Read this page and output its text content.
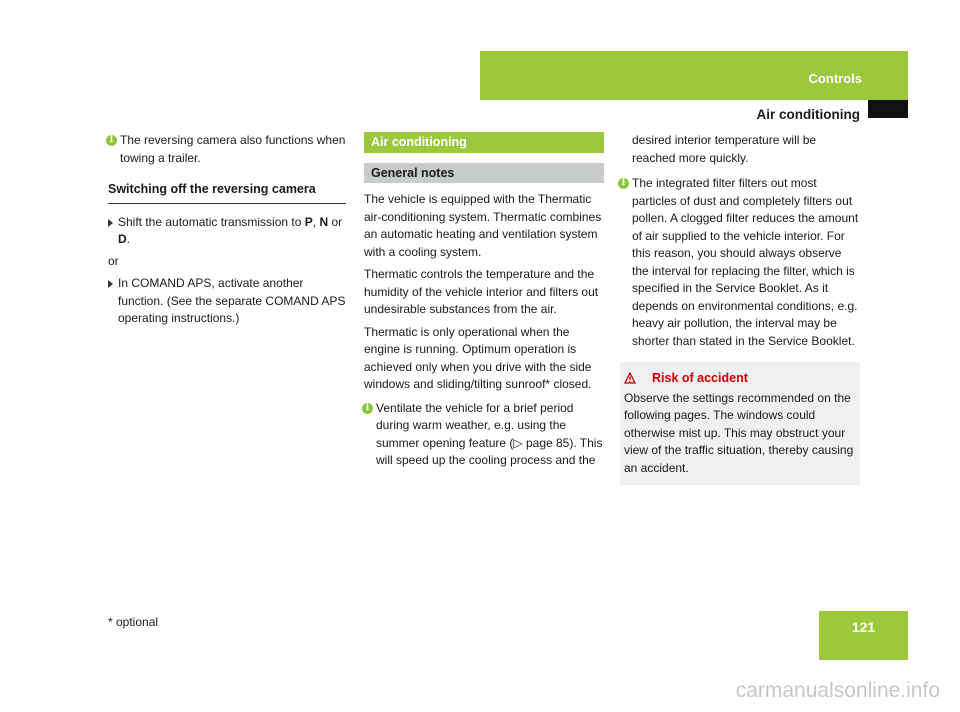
Controls
Air conditioning
i The reversing camera also functions when towing a trailer.
Switching off the reversing camera
Shift the automatic transmission to P, N or D.

or

In COMAND APS, activate another function. (See the separate COMAND APS operating instructions.)
Air conditioning
General notes

The vehicle is equipped with the Thermatic air-conditioning system. Thermatic combines an automatic heating and ventilation system with a cooling system.

Thermatic controls the temperature and the humidity of the vehicle interior and filters out undesirable substances from the air.

Thermatic is only operational when the engine is running. Optimum operation is achieved only when you drive with the side windows and sliding/tilting sunroof* closed.

i Ventilate the vehicle for a brief period during warm weather, e.g. using the summer opening feature (▷ page 85). This will speed up the cooling process and the

desired interior temperature will be reached more quickly.

i The integrated filter filters out most particles of dust and completely filters out pollen. A clogged filter reduces the amount of air supplied to the vehicle interior. For this reason, you should always observe the interval for replacing the filter, which is specified in the Service Booklet. As it depends on environmental conditions, e.g. heavy air pollution, the interval may be shorter than stated in the Service Booklet.
Risk of accident

Observe the settings recommended on the following pages. The windows could otherwise mist up. This may obstruct your view of the traffic situation, thereby causing an accident.

* optional	121
carmanualsonline.info
